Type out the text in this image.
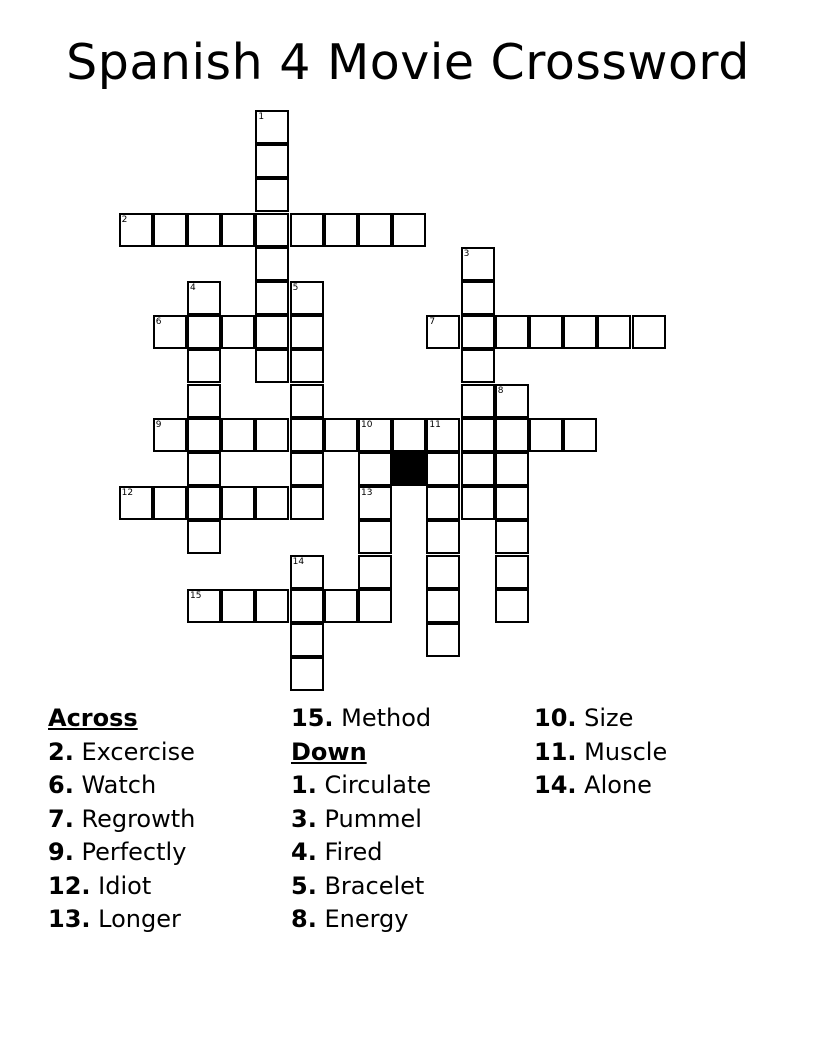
Spanish 4 Movie Crossword
1
2
3
4	5
6	7
8
9	10	11
12	13
14
15
Across
2. Excercise
6. Watch
7. Regrowth
9. Perfectly
12. Idiot
13. Longer
15. Method
Down
1. Circulate
3. Pummel
4. Fired
5. Bracelet
8. Energy
10. Size
11. Muscle
14. Alone
